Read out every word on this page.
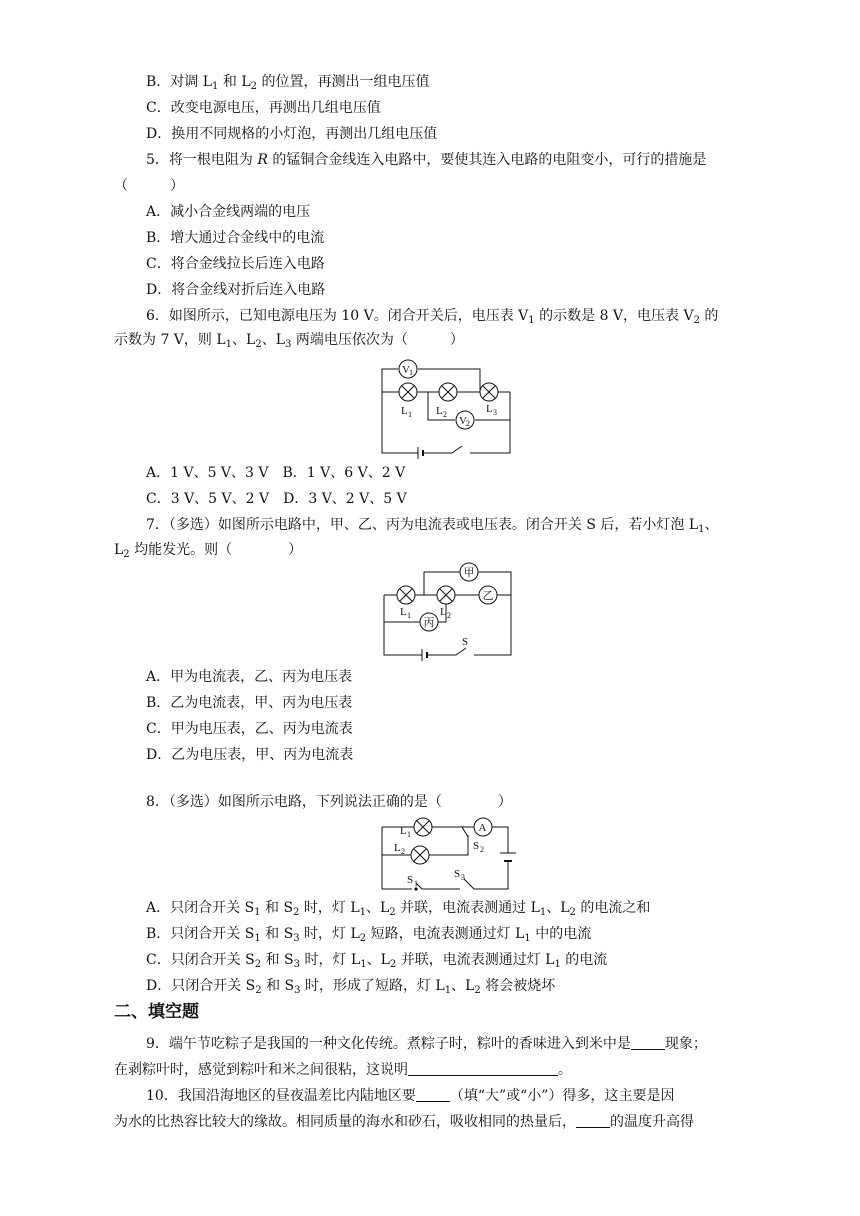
B．对调 $L_1$ 和 $L_2$ 的位置，再测出一组电压值
C．改变电源电压，再测出几组电压值
D．换用不同规格的小灯泡，再测出几组电压值
5．将一根电阻为 R 的锰铜合金线连入电路中，要使其连入电路的电阻变小，可行的措施是
（　　　）
A．减小合金线两端的电压
B．增大通过合金线中的电流
C．将合金线拉长后连入电路
D．将合金线对折后连入电路
6．如图所示，已知电源电压为 10 V。闭合开关后，电压表 $V_1$ 的示数是 8 V，电压表 $V_2$ 的
示数为 7 V，则 $L_1$、$L_2$、$L_3$ 两端电压依次为（　　　）
V 1
L 1 L 2	L 3
V 2
A．1 V、5 V、3 V　B．1 V、6 V、2 V
C．3 V、5 V、2 V　D．3 V、2 V、5 V
7．（多选）如图所示电路中，甲、乙、丙为电流表或电压表。闭合开关 S 后，若小灯泡 $L_1$、
$L_2$ 均能发光。则（　　　　）
L 1	L 2
甲
乙
丙
S
A．甲为电流表，乙、丙为电压表
B．乙为电流表，甲、丙为电压表
C．甲为电压表，乙、丙为电流表
D．乙为电压表，甲、丙为电流表
8．（多选）如图所示电路，下列说法正确的是（　　　　）
L 1
L 2
A
S 2
S 1
S 3
A．只闭合开关 $S_1$ 和 $S_2$ 时，灯 $L_1$、$L_2$ 并联，电流表测通过 $L_1$、$L_2$ 的电流之和
B．只闭合开关 $S_1$ 和 $S_3$ 时，灯 $L_2$ 短路，电流表测通过灯 $L_1$ 中的电流
C．只闭合开关 $S_2$ 和 $S_3$ 时，灯 $L_1$、$L_2$ 并联，电流表测通过灯 $L_1$ 的电流
D．只闭合开关 $S_2$ 和 $S_3$ 时，形成了短路，灯 $L_1$、$L_2$ 将会被烧坏
二、填空题
9．端午节吃粽子是我国的一种文化传统。煮粽子时，粽叶的香味进入到米中是 现象；
在剥粽叶时，感觉到粽叶和米之间很粘，这说明	。
10．我国沿海地区的昼夜温差比内陆地区要 （填“大”或“小”）得多，这主要是因
为水的比热容比较大的缘故。相同质量的海水和砂石，吸收相同的热量后， 的温度升高得
